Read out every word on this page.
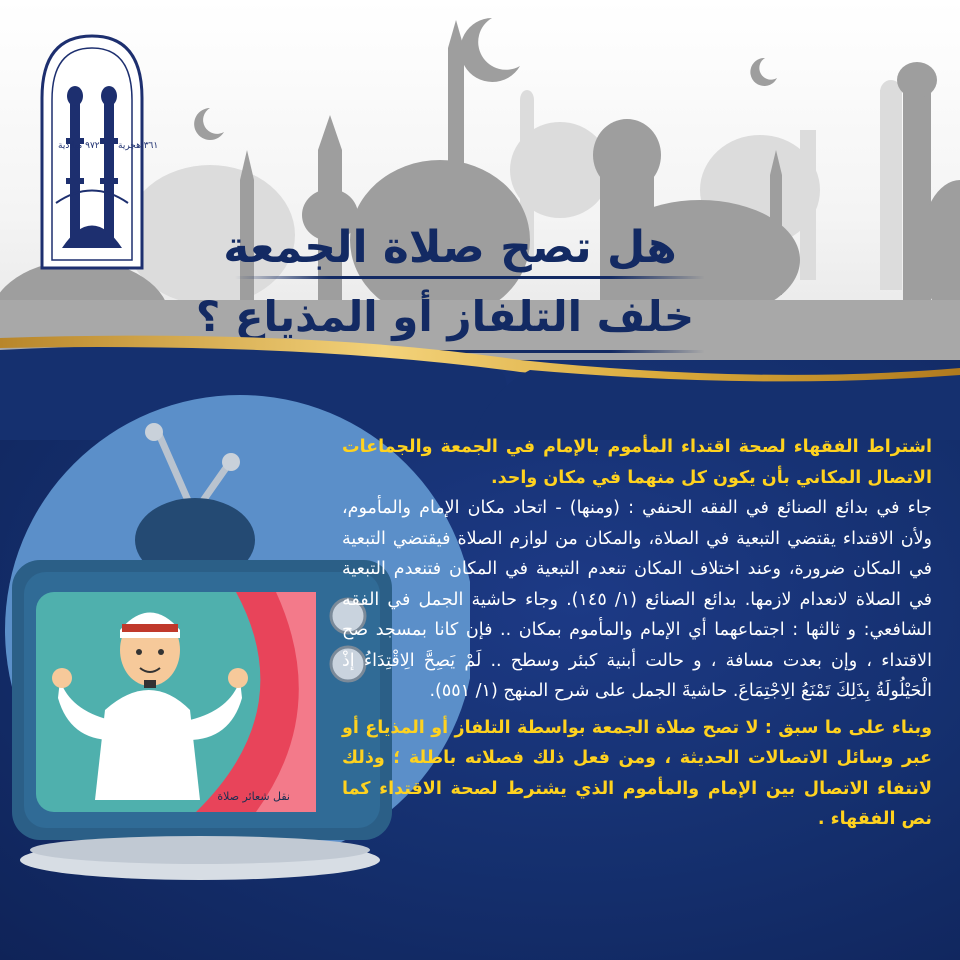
٩٧٢ ميلادية ٣٦١ هجرية
هل تصح صلاة الجمعة
خلف التلفاز أو المذياع ؟
نقل شعائر صلاة
اشتراط الفقهاء لصحة اقتداء المأموم بالإمام في الجمعة والجماعات الاتصال المكاني بأن يكون كل منهما في مكان واحد.
جاء في بدائع الصنائع في الفقه الحنفي : (ومنها) - اتحاد مكان الإمام والمأموم، ولأن الاقتداء يقتضي التبعية في الصلاة، والمكان من لوازم الصلاة فيقتضي التبعية في المكان ضرورة، وعند اختلاف المكان تنعدم التبعية في المكان فتنعدم التبعية في الصلاة لانعدام لازمها. بدائع الصنائع (١/ ١٤٥). وجاء حاشية الجمل في الفقه الشافعي: و ثالثها : اجتماعهما أي الإمام والمأموم بمكان .. فإن كانا بمسجد صح الاقتداء ، وإن بعدت مسافة ، و حالت أبنية كبئر وسطح .. لَمْ يَصِحَّ الِاقْتِدَاءُ إذْ الْحَيْلُولَةُ بِذَلِكَ تَمْنَعُ الِاجْتِمَاعَ. حاشيةَ الجمل على شرح المنهج (١/ ٥٥١).
وبناء على ما سبق : لا تصح صلاة الجمعة بواسطة التلفاز أو المذياع أو عبر وسائل الاتصالات الحديثة ، ومن فعل ذلك فصلاته باطلة ؛ وذلك لانتفاء الاتصال بين الإمام والمأموم الذي يشترط لصحة الاقتداء كما نص الفقهاء .
